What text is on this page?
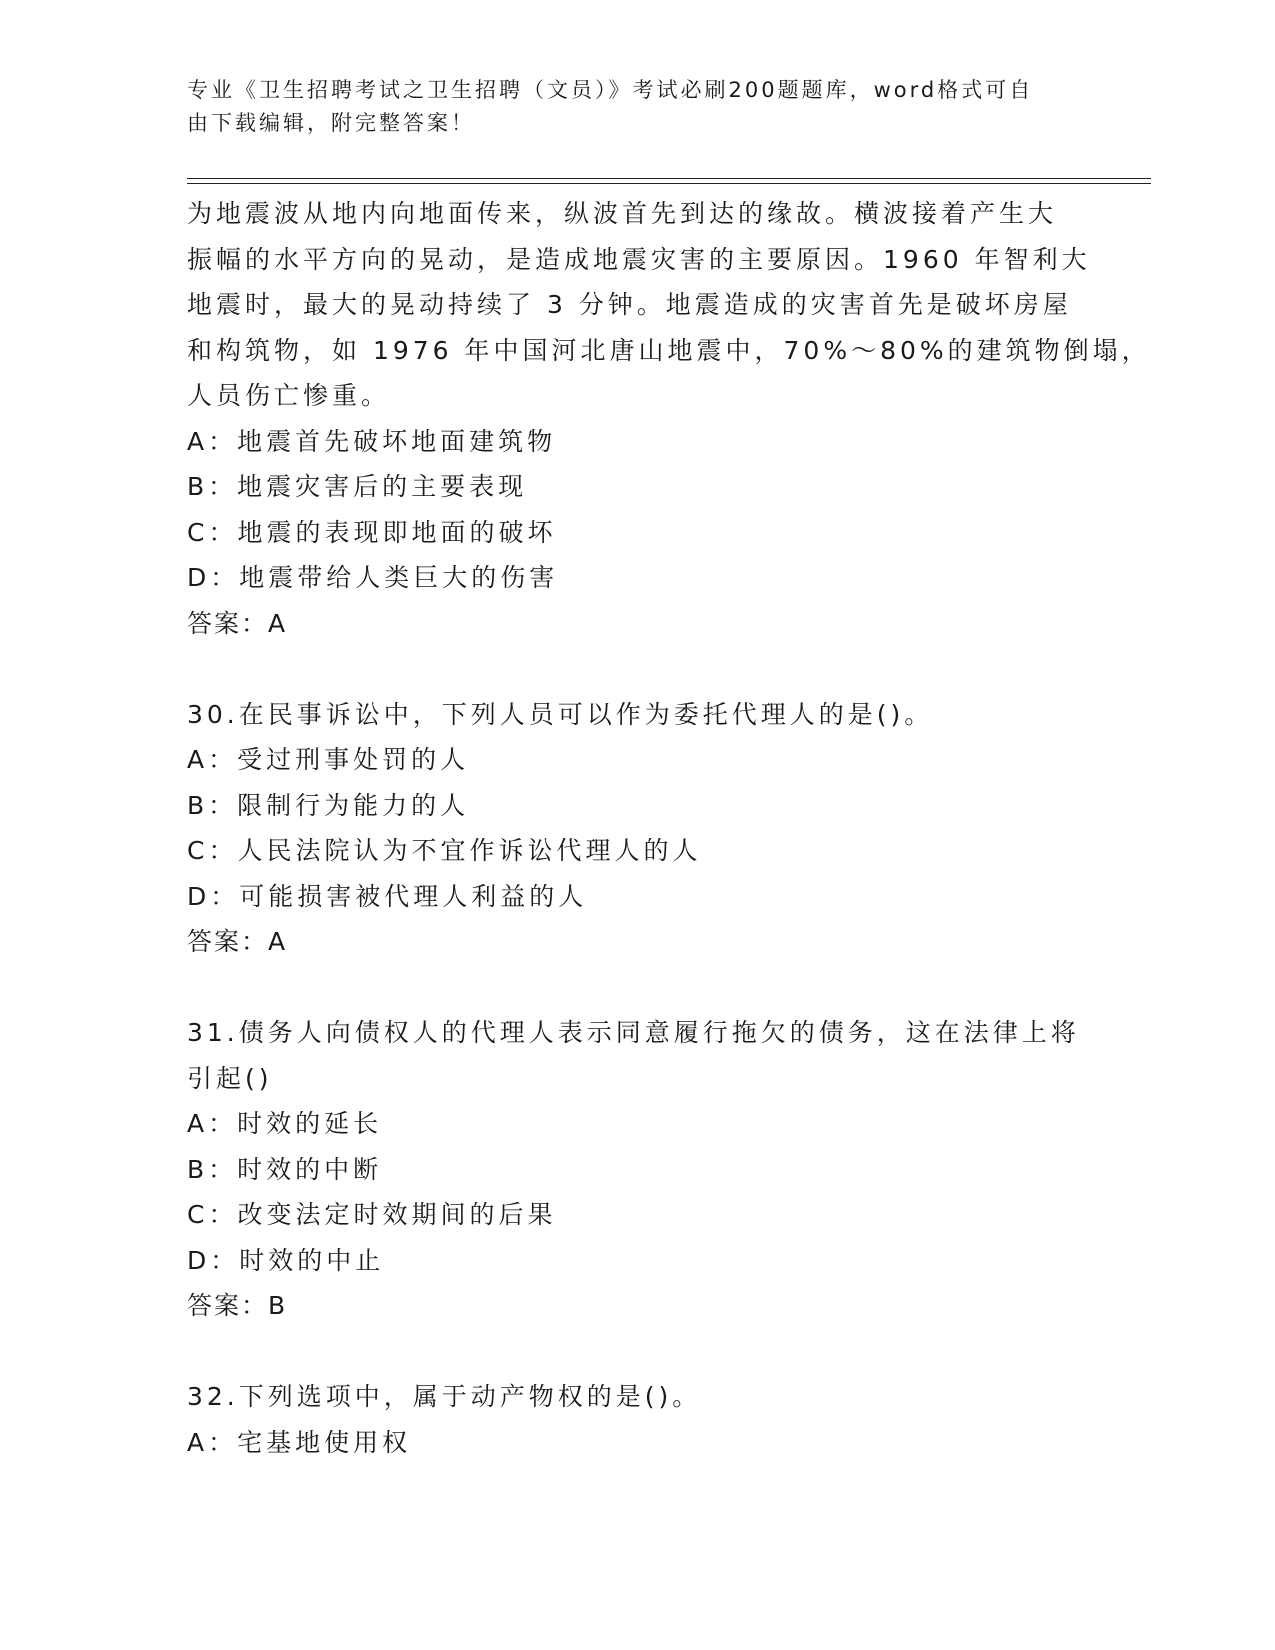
专业《卫生招聘考试之卫生招聘（文员）》考试必刷200题题库，word格式可自
由下载编辑，附完整答案！
为地震波从地内向地面传来，纵波首先到达的缘故。横波接着产生大
振幅的水平方向的晃动，是造成地震灾害的主要原因。1960 年智利大
地震时，最大的晃动持续了 3 分钟。地震造成的灾害首先是破坏房屋
和构筑物，如 1976 年中国河北唐山地震中，70%～80%的建筑物倒塌，
人员伤亡惨重。
A：地震首先破坏地面建筑物
B：地震灾害后的主要表现
C：地震的表现即地面的破坏
D：地震带给人类巨大的伤害
答案：A
30.在民事诉讼中，下列人员可以作为委托代理人的是()。
A：受过刑事处罚的人
B：限制行为能力的人
C：人民法院认为不宜作诉讼代理人的人
D：可能损害被代理人利益的人
答案：A
31.债务人向债权人的代理人表示同意履行拖欠的债务，这在法律上将
引起()
A：时效的延长
B：时效的中断
C：改变法定时效期间的后果
D：时效的中止
答案：B
32.下列选项中，属于动产物权的是()。
A：宅基地使用权
